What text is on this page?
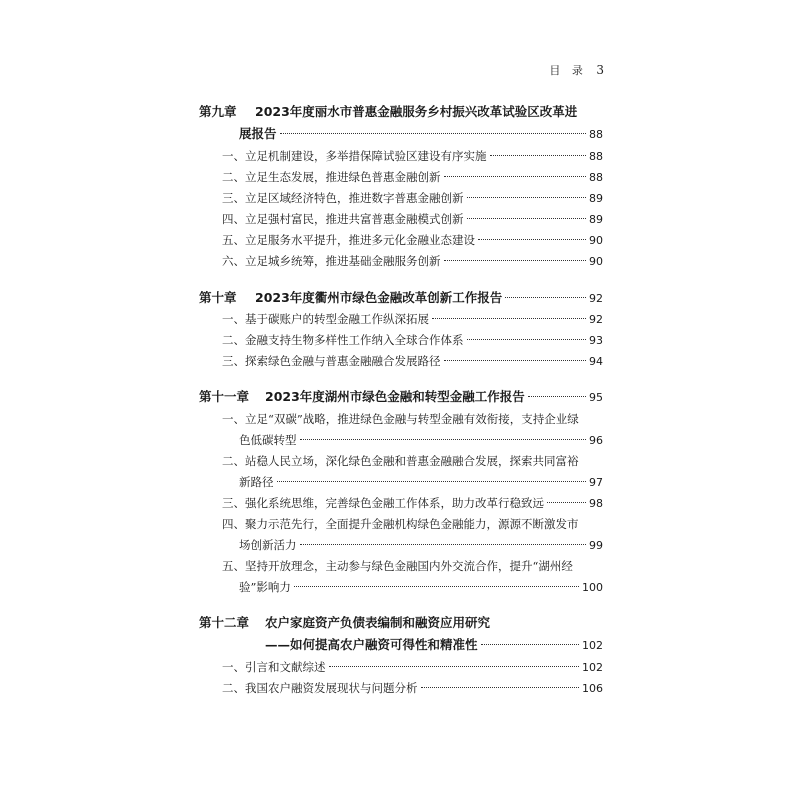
目 录 3
第九章 2023年度丽水市普惠金融服务乡村振兴改革试验区改革进
展报告	88
一、立足机制建设，多举措保障试验区建设有序实施	88
二、立足生态发展，推进绿色普惠金融创新	88
三、立足区域经济特色，推进数字普惠金融创新	89
四、立足强村富民，推进共富普惠金融模式创新	89
五、立足服务水平提升，推进多元化金融业态建设	90
六、立足城乡统筹，推进基础金融服务创新	90
第十章 2023年度衢州市绿色金融改革创新工作报告	92
一、基于碳账户的转型金融工作纵深拓展	92
二、金融支持生物多样性工作纳入全球合作体系	93
三、探索绿色金融与普惠金融融合发展路径	94
第十一章 2023年度湖州市绿色金融和转型金融工作报告	95
一、立足“双碳”战略，推进绿色金融与转型金融有效衔接，支持企业绿
色低碳转型	96
二、站稳人民立场，深化绿色金融和普惠金融融合发展，探索共同富裕
新路径	97
三、强化系统思维，完善绿色金融工作体系，助力改革行稳致远	98
四、聚力示范先行，全面提升金融机构绿色金融能力，源源不断激发市
场创新活力	99
五、坚持开放理念，主动参与绿色金融国内外交流合作，提升“湖州经
验”影响力	100
第十二章 农户家庭资产负债表编制和融资应用研究
——如何提高农户融资可得性和精准性	102
一、引言和文献综述	102
二、我国农户融资发展现状与问题分析	106
